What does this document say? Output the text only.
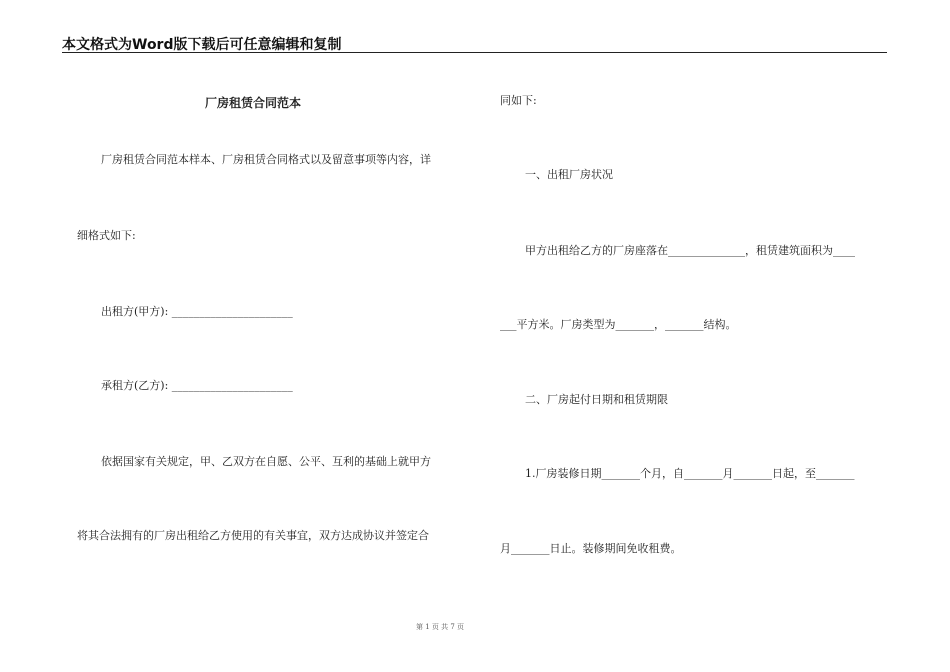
本文格式为Word版下载后可任意编辑和复制
厂房租赁合同范本
厂房租赁合同范本样本、厂房租赁合同格式以及留意事项等内容，详
细格式如下:
出租方(甲方): ______________________
承租方(乙方): ______________________
依据国家有关规定，甲、乙双方在自愿、公平、互利的基础上就甲方
将其合法拥有的厂房出租给乙方使用的有关事宜，双方达成协议并签定合
同如下:
一、出租厂房状况
甲方出租给乙方的厂房座落在______________，租赁建筑面积为____
___平方米。厂房类型为_______，_______结构。
二、厂房起付日期和租赁期限
1.厂房装修日期_______个月，自_______月_______日起，至_______
月_______日止。装修期间免收租费。
第 1 页 共 7 页
